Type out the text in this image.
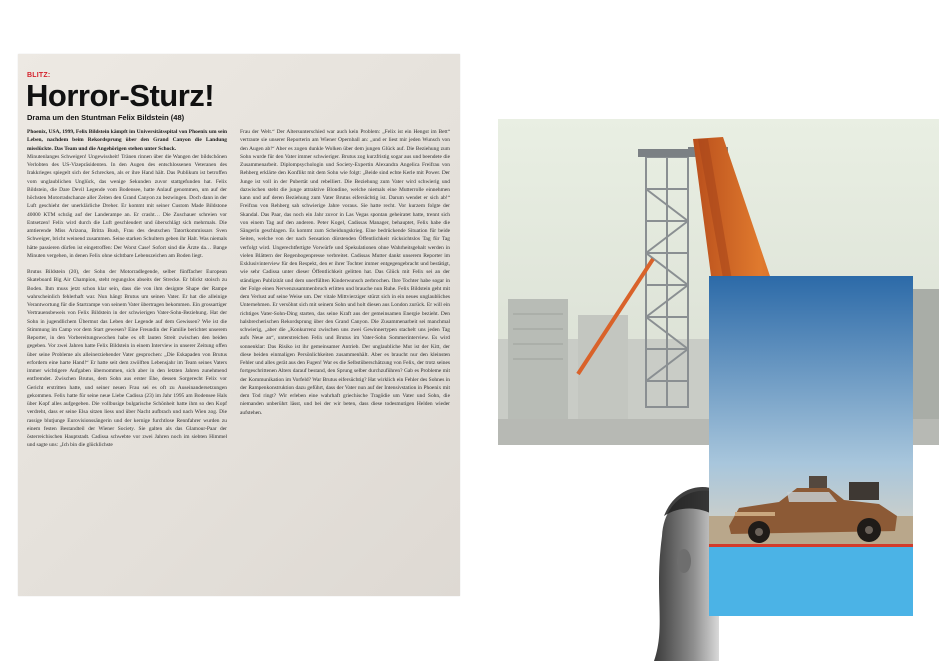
BLITZ:
Horror-Sturz!
Drama um den Stuntman Felix Bildstein (48)

Phoenix, USA, 1999, Felix Bildstein kämpft im Universitätsspital von Phoenix um sein Leben, nachdem beim Rekordsprung über den Grand Canyon die Landung misslückte. Das Team und die Angehörigen stehen unter Schock.

Minutenlanges Schweigen! Ungewissheit! Tränen rinnen über die Wangen der bildschönen Verlobten des US-Vizepräsidenten. In den Augen des entschlossenen Veteranen des Irakkrieges spiegelt sich der Schrecken, als er ihre Hand hält. Das Publikum ist betroffen vom unglaublichen Unglück, das wenige Sekunden zuvor stattgefunden hat. Felix Bildstein, die Dare Devil Legende vom Bodensee, hatte Anlauf genommen, um auf der höchsten Motorradschanze aller Zeiten den Grand Canyon zu bezwingen. Doch dann in der Luft geschieht der unerklärliche Dreher. Er kommt mit seiner Custom Made Bildstone 40000 KTM schräg auf der Landerampe an. Er crasht… Die Zuschauer schreien vor Entsetzen! Felix wird durch die Luft geschleudert und überschlägt sich mehrmals. Die amtierende Miss Arizona, Britta Bush, Frau des deutschen Tatortkommissars Sven Schweiger, bricht weinend zusammen. Seine starken Schultern geben ihr Halt. Was niemals hätte passieren dürfen ist eingetroffen: Der Worst Case! Sofort sind die Ärzte da… Bange Minuten vergehen, in denen Felix ohne sichtbare Lebenszeichen am Boden liegt.

Brutus Bildstein (20), der Sohn der Motorradlegende, selber fünffacher European Skateboard Big Air Champion, steht regungslos abseits der Strecke. Er blickt stoisch zu Boden. Ihm muss jetzt schon klar sein, dass die von ihm designte Shape der Rampe wahrscheinlich fehlerhaft war. Nun hängt Brutus um seinen Vater. Er hat die alleinige Verantwortung für die Startrampe von seinem Vater übertragen bekommen. Ein grossartiger Vertrauensbeweis von Felix Bildstein in der schwierigen Vater-Sohn-Beziehung. Hat der Sohn in jugendlichem Übermut das Leben der Legende auf dem Gewissen? Wie ist die Stimmung im Camp vor dem Start gewesen? Eine Freundin der Familie berichtet unserem Reporter, in den Vorbereitungswochen habe es oft lauten Streit zwischen den beiden gegeben. Vor zwei Jahren hatte Felix Bildstein in einem Interview in unserer Zeitung offen über seine Probleme als alleinerziehender Vater gesprochen: „Die Eskapaden von Brutus erfordern eine harte Hand!“ Er hatte seit dem zwölften Lebensjahr im Team seines Vaters immer wichtigere Aufgaben übernommen, sich aber in den letzten Jahren zunehmend entfremdet. Zwischen Brutus, dem Sohn aus erster Ehe, dessen Sorgerecht Felix vor Gericht erstritten hatte, und seiner neuen Frau sei es oft zu Auseinandersetzungen gekommen. Felix hatte für seine neue Liebe Cadissa (23) im Jahr 1995 am Bodensee Hals über Kopf alles aufgegeben. Die vollbusige bulgarische Schönheit hatte ihm so den Kopf verdreht, dass er seine Elsa sitzen liess und über Nacht aufbrach und nach Wien zog. Die rassige blutjunge Eurovisionssängerin und der kernige furchtlose Rennfahrer wurden zu einem festen Bestandteil der Wiener Society. Sie galten als das Glamour-Paar der österreichischen Hauptstadt. Cadissa schwebte vor zwei Jahren noch im siebten Himmel und sagte uns: „Ich bin die glücklichste

Frau der Welt.“ Der Altersunterschied war auch kein Problem: „Felix ist ein Hengst im Bett“ vertraute sie unserer Reporterin am Wiener Opernball an: „und er liest mir jeden Wunsch von den Augen ab!“ Aber es zogen dunkle Wolken über dem jungen Glück auf. Die Beziehung zum Sohn wurde für den Vater immer schwieriger. Brutus zog kurzfristig sogar aus und beendete die Zusammenarbeit. Diplompsychologin und Society-Expertin Alexandra Angelica Freifrau von Rehberg erklärte den Konflikt mit dem Sohn wie folgt: „Beide sind echte Kerle mit Power. Der Junge ist voll in der Pubertät und rebelliert. Die Beziehung zum Vater wird schwierig und dazwischen steht die junge attraktive Blondine, welche niemals eine Mutterrolle einnehmen kann und auf deren Beziehung zum Vater Brutus eifersüchtig ist. Darum wendet er sich ab!“ Freifrau von Rehberg sah schwierige Jahre voraus. Sie hatte recht. Vor kurzem folgte der Skandal. Das Paar, das noch ein Jahr zuvor in Las Vegas spontan geheiratet hatte, trennt sich von einem Tag auf den anderen. Peter Kogel, Cadissas Manager, behauptet, Felix habe die Sängerin geschlagen. Es kommt zum Scheidungskrieg. Eine bedrückende Situation für beide Seiten, welche von der nach Sensation dürstenden Öffentlichkeit rücksichtslos Tag für Tag verfolgt wird. Ungerechtfertigte Vorwürfe und Spekulationen ohne Wahrheitsgehalt werden in vielen Blättern der Regenbogenpresse verbreitet. Cadissas Mutter dankt unserem Reporter im Exklusivinterview für den Respekt, den er ihrer Tochter immer entgegengebracht und bestätigt, wie sehr Cadissa unter dieser Öffentlichkeit gelitten hat. Das Glück mit Felix sei an der ständigen Publizität und dem unerfüllten Kinderwunsch zerbrochen. Ihre Tochter habe sogar in der Folge einen Nervenzusammenbruch erlitten und brauche nun Ruhe. Felix Bildstein geht mit dem Verlust auf seine Weise um. Der vitale Mittvierziger stürzt sich in ein neues unglaubliches Unternehmen. Er versöhnt sich mit seinem Sohn und holt diesen aus London zurück. Er will ein richtiges Vater-Sohn-Ding starten, das seine Kraft aus der gemeinsamen Energie bezieht. Den halsbrecherischen Rekordsprung über den Grand Canyon. Die Zusammenarbeit sei manchmal schwierig, „aber die „Konkurrenz zwischen uns zwei Gewinnertypen stachelt uns jeden Tag aufs Neue an“, unterstreichen Felix und Brutus im Vater-Sohn Sommerinterview. Es wird sonnenklar: Das Risiko ist ihr gemeinsamer Antrieb. Der unglaubliche Mut ist der Kitt, der diese beiden einmaligen Persönlichkeiten zusammenhält. Aber es braucht nur den kleinsten Fehler und alles gerät aus den Fugen! War es die Selbstüberschätzung von Felix, der trotz seines fortgeschrittenen Alters darauf bestand, den Sprung selber durchzuführen? Gab es Probleme mit der Kommunikation im Vorfeld? War Brutus eifersüchtig? Hat wirklich ein Fehler des Sohnes in der Rampenkonstruktion dazu geführt, dass der Vater nun auf der Intensivstation in Phoenix mit dem Tod ringt? Wir erleben eine wahrhaft griechische Tragödie um Vater und Sohn, die niemanden unberührt lässt, und bei der wir beten, dass diese todesmutigen Helden wieder aufstehen.
